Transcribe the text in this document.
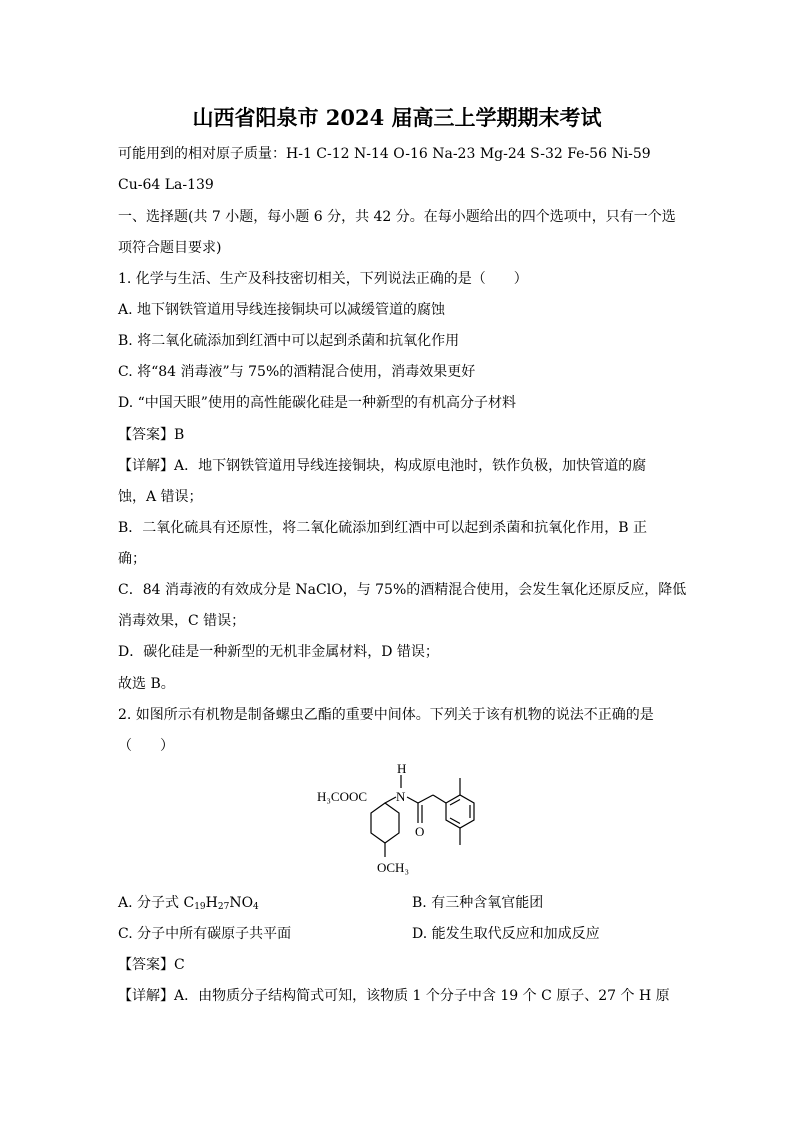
山西省阳泉市 2024 届高三上学期期末考试
可能用到的相对原子质量：H-1 C-12 N-14 O-16 Na-23 Mg-24 S-32 Fe-56 Ni-59
Cu-64 La-139
一、选择题(共 7 小题，每小题 6 分，共 42 分。在每小题给出的四个选项中，只有一个选
项符合题目要求)
1. 化学与生活、生产及科技密切相关，下列说法正确的是（　　）
A. 地下钢铁管道用导线连接铜块可以减缓管道的腐蚀
B. 将二氧化硫添加到红酒中可以起到杀菌和抗氧化作用
C. 将“84 消毒液”与 75%的酒精混合使用，消毒效果更好
D. “中国天眼”使用的高性能碳化硅是一种新型的有机高分子材料
【答案】B
【详解】A．地下钢铁管道用导线连接铜块，构成原电池时，铁作负极，加快管道的腐
蚀，A 错误；
B．二氧化硫具有还原性，将二氧化硫添加到红酒中可以起到杀菌和抗氧化作用，B 正
确；
C．84 消毒液的有效成分是 NaClO，与 75%的酒精混合使用，会发生氧化还原反应，降低
消毒效果，C 错误；
D．碳化硅是一种新型的无机非金属材料，D 错误；
故选 B。
2. 如图所示有机物是制备螺虫乙酯的重要中间体。下列关于该有机物的说法不正确的是
（　　）
H
H₃COOC N
O
OCH₃
A. 分子式 $C_{19}H_{27}NO_4$	B. 有三种含氧官能团
C. 分子中所有碳原子共平面	D. 能发生取代反应和加成反应
【答案】C
【详解】A．由物质分子结构简式可知，该物质 1 个分子中含 19 个 C 原子、27 个 H 原
